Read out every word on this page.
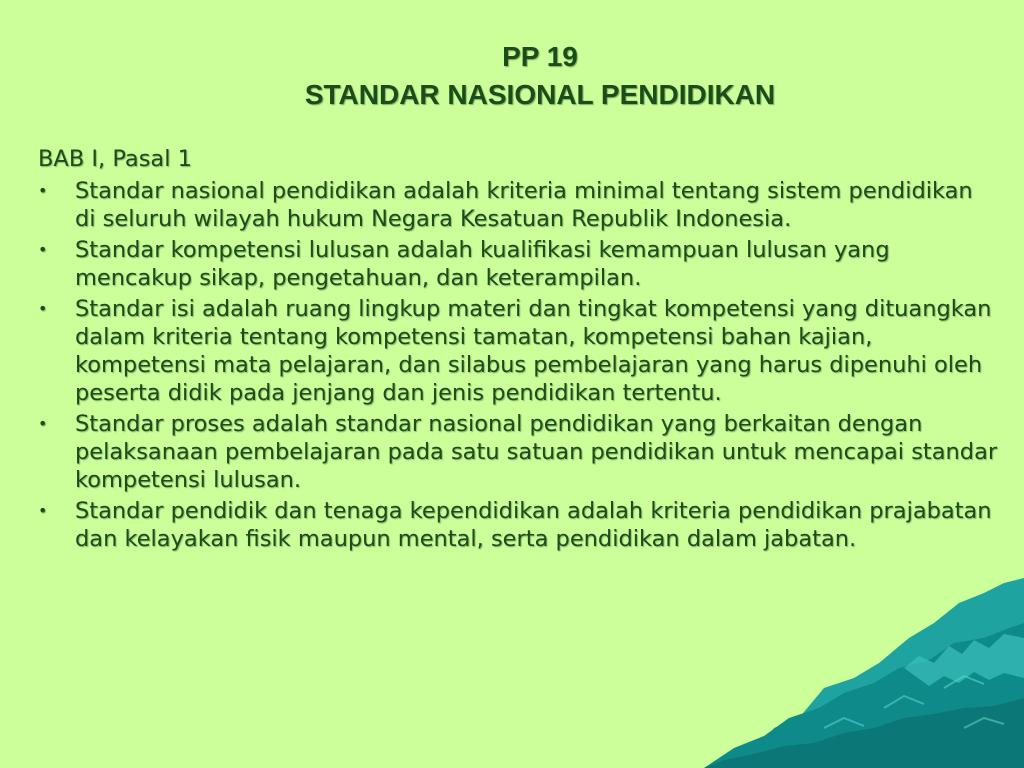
PP 19
STANDAR NASIONAL PENDIDIKAN
BAB I, Pasal 1
•	Standar nasional pendidikan adalah kriteria minimal tentang sistem pendidikan di seluruh wilayah hukum Negara Kesatuan Republik Indonesia.
•	Standar kompetensi lulusan adalah kualifikasi kemampuan lulusan yang mencakup sikap, pengetahuan, dan keterampilan.
•	Standar isi adalah ruang lingkup materi dan tingkat kompetensi yang dituangkan dalam kriteria tentang kompetensi tamatan, kompetensi bahan kajian, kompetensi mata pelajaran, dan silabus pembelajaran yang harus dipenuhi oleh peserta didik pada jenjang dan jenis pendidikan tertentu.
•	Standar proses adalah standar nasional pendidikan yang berkaitan dengan pelaksanaan pembelajaran pada satu satuan pendidikan untuk mencapai standar kompetensi lulusan.
•	Standar pendidik dan tenaga kependidikan adalah kriteria pendidikan prajabatan dan kelayakan fisik maupun mental, serta pendidikan dalam jabatan.
